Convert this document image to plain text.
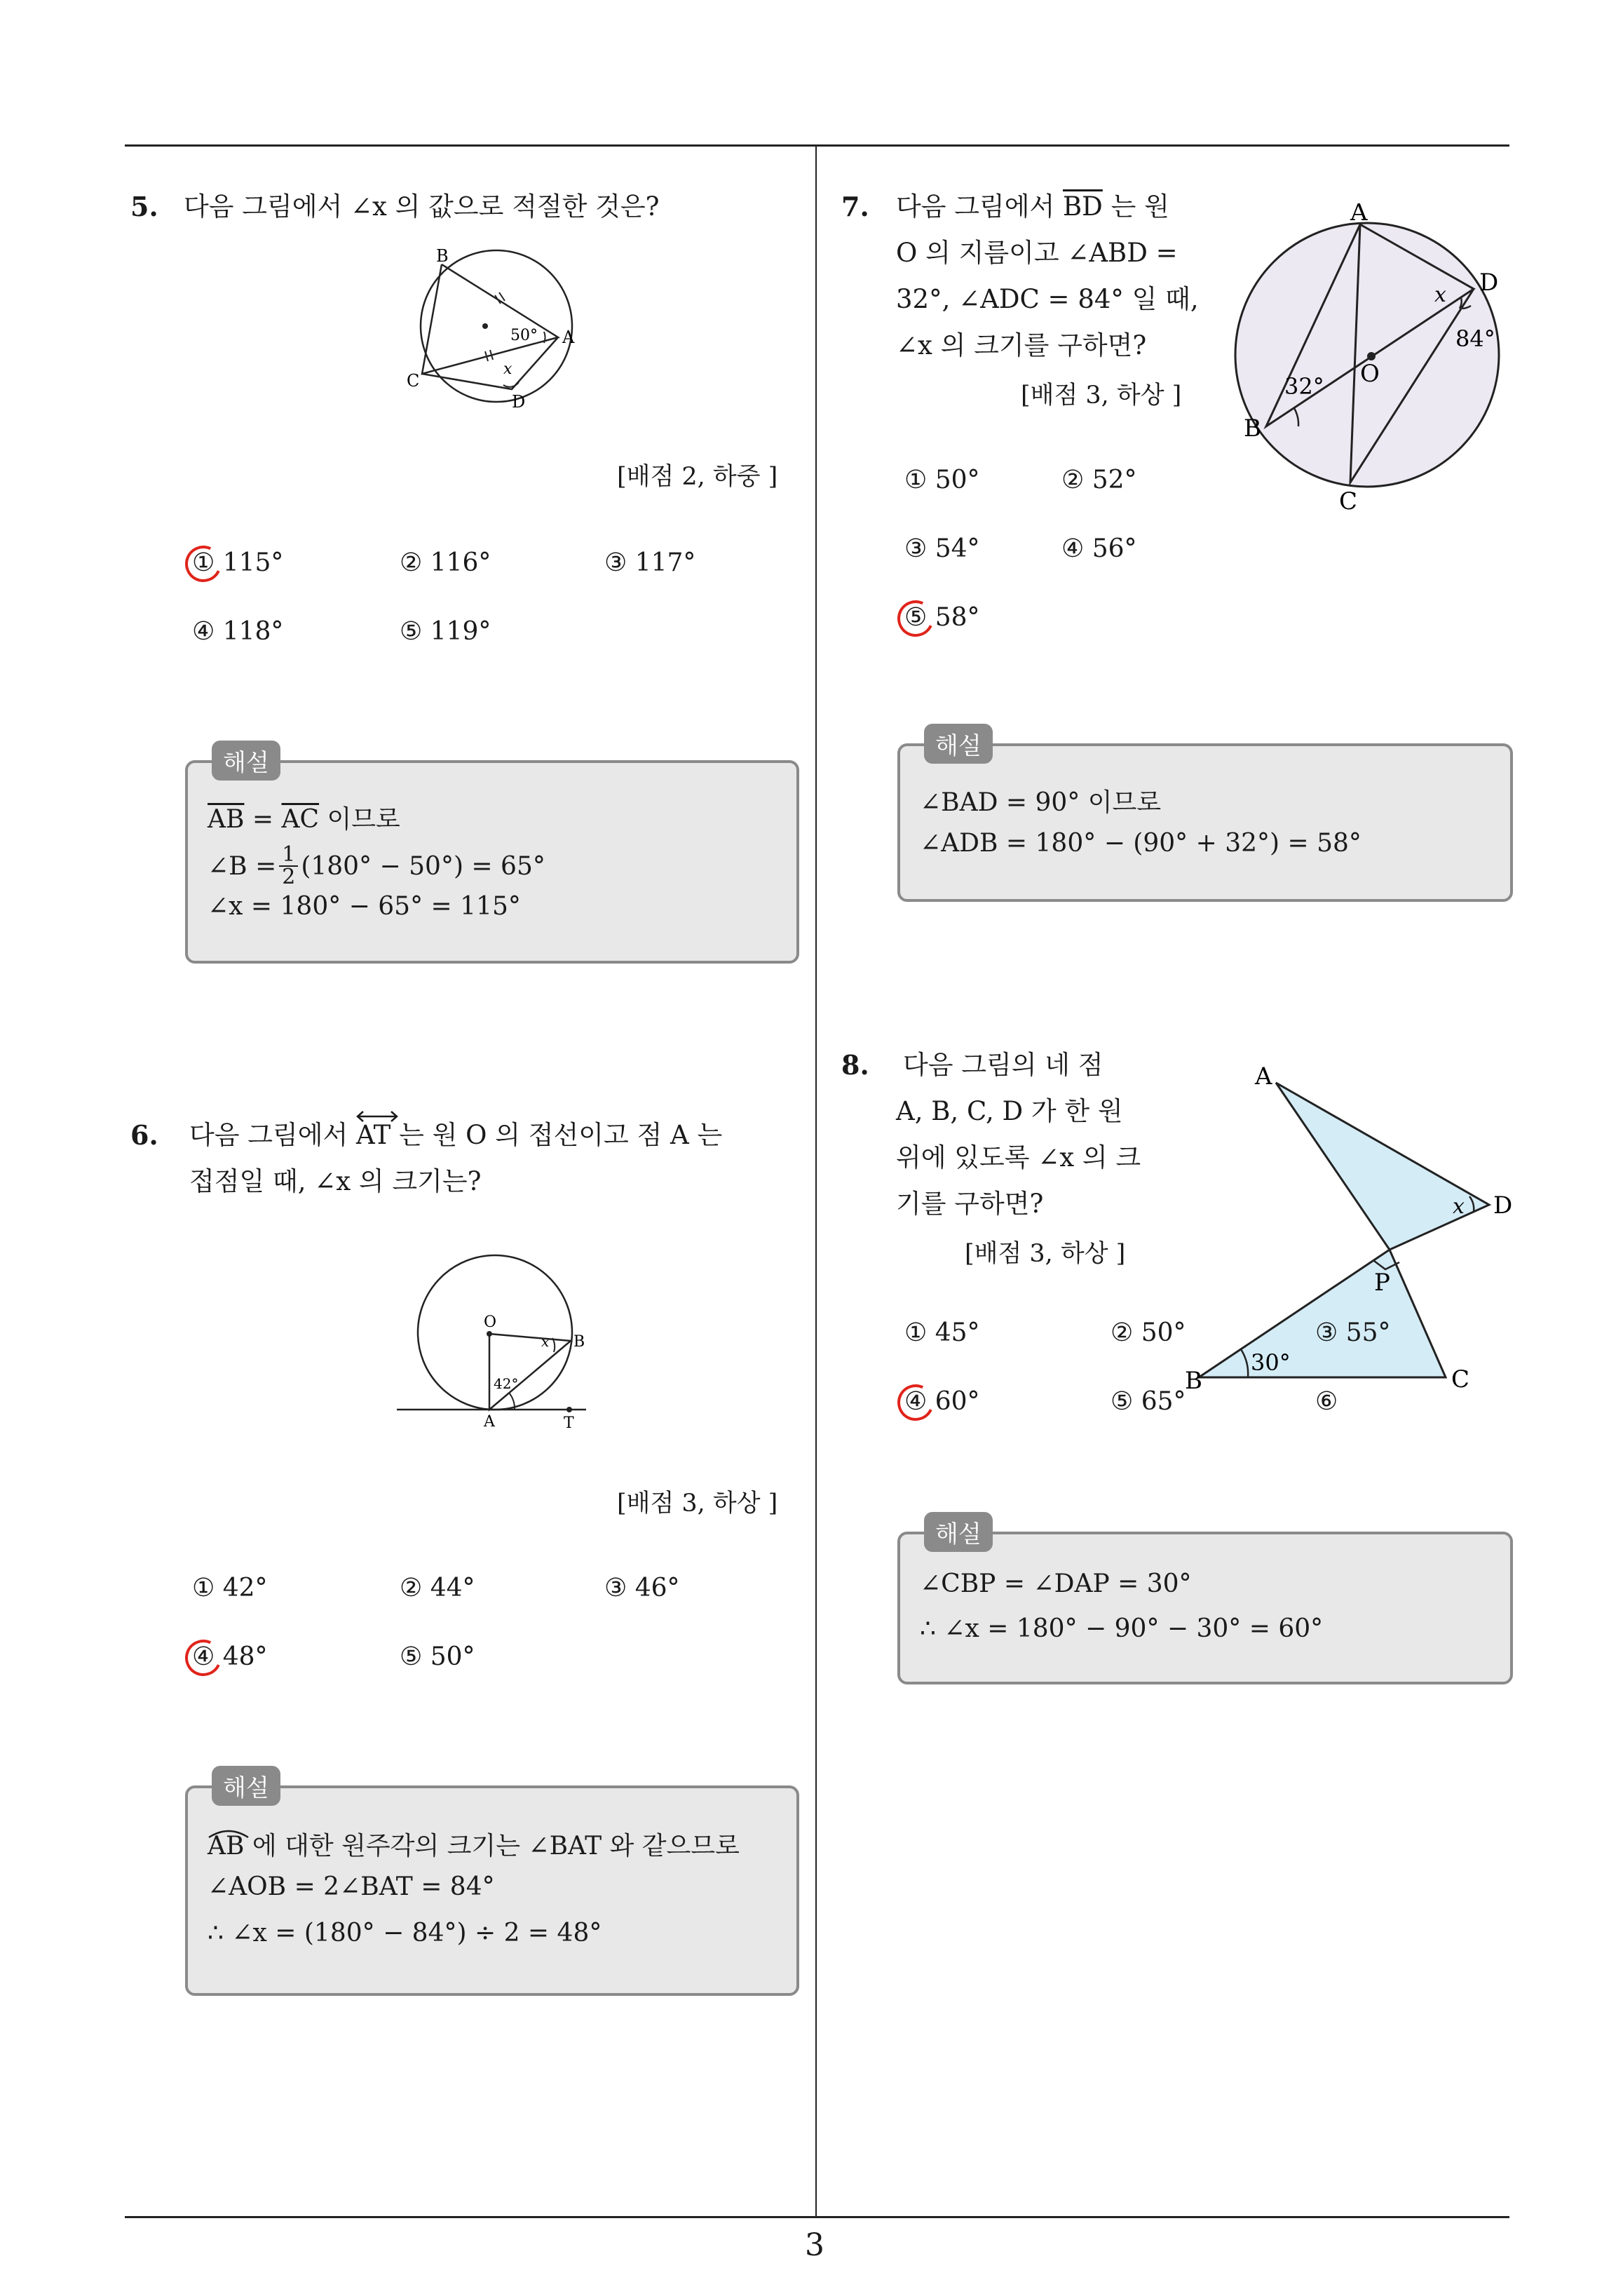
3
5. 다음 그림에서 ∠x 의 값으로 적절한 것은?
B
A
C
D
50°
x
[배점 2, 하중 ]
① 115°	② 116°	③ 117°
④ 118°	⑤ 119°
해설
$\overline{AB} = \overline{AC}$ 이므로
∠B = $\frac{1}{2} (180^\circ - 50^\circ) = 65^\circ$
∠x = 180° − 65° = 115°
6. 다음 그림에서
AT 는 원 O 의 접선이고 점 A 는
접점일 때, ∠x 의 크기는?
O
B
A	T
42°
x
[배점 3, 하상 ]
① 42°	② 44°	③ 46°
④ 48°	⑤ 50°
해설
AB 에 대한 원주각의 크기는 ∠BAT 와 같으므로
∠AOB = 2∠BAT = 84°
∴ ∠x = (180° − 84°) ÷ 2 = 48°
7. 다음 그림에서 $\overline{BD}$ 는 원
O 의 지름이고 ∠ABD =
32°, ∠ADC = 84° 일 때,
∠x 의 크기를 구하면?
[배점 3, 하상 ]
A
D
O
B
C
32°
84°
x
① 50°	② 52°
③ 54°	④ 56°
⑤ 58°
해설
∠BAD = 90° 이므로
∠ADB = 180° − (90° + 32°) = 58°
8. 다음 그림의 네 점
A, B, C, D 가 한 원
위에 있도록 ∠x 의 크
기를 구하면?
[배점 3, 하상 ]
A
D
P
B	C
30°
x
① 45°	② 50°	③ 55°
④ 60°	⑤ 65°	⑥
해설
∠CBP = ∠DAP = 30°
∴ ∠x = 180° − 90° − 30° = 60°
